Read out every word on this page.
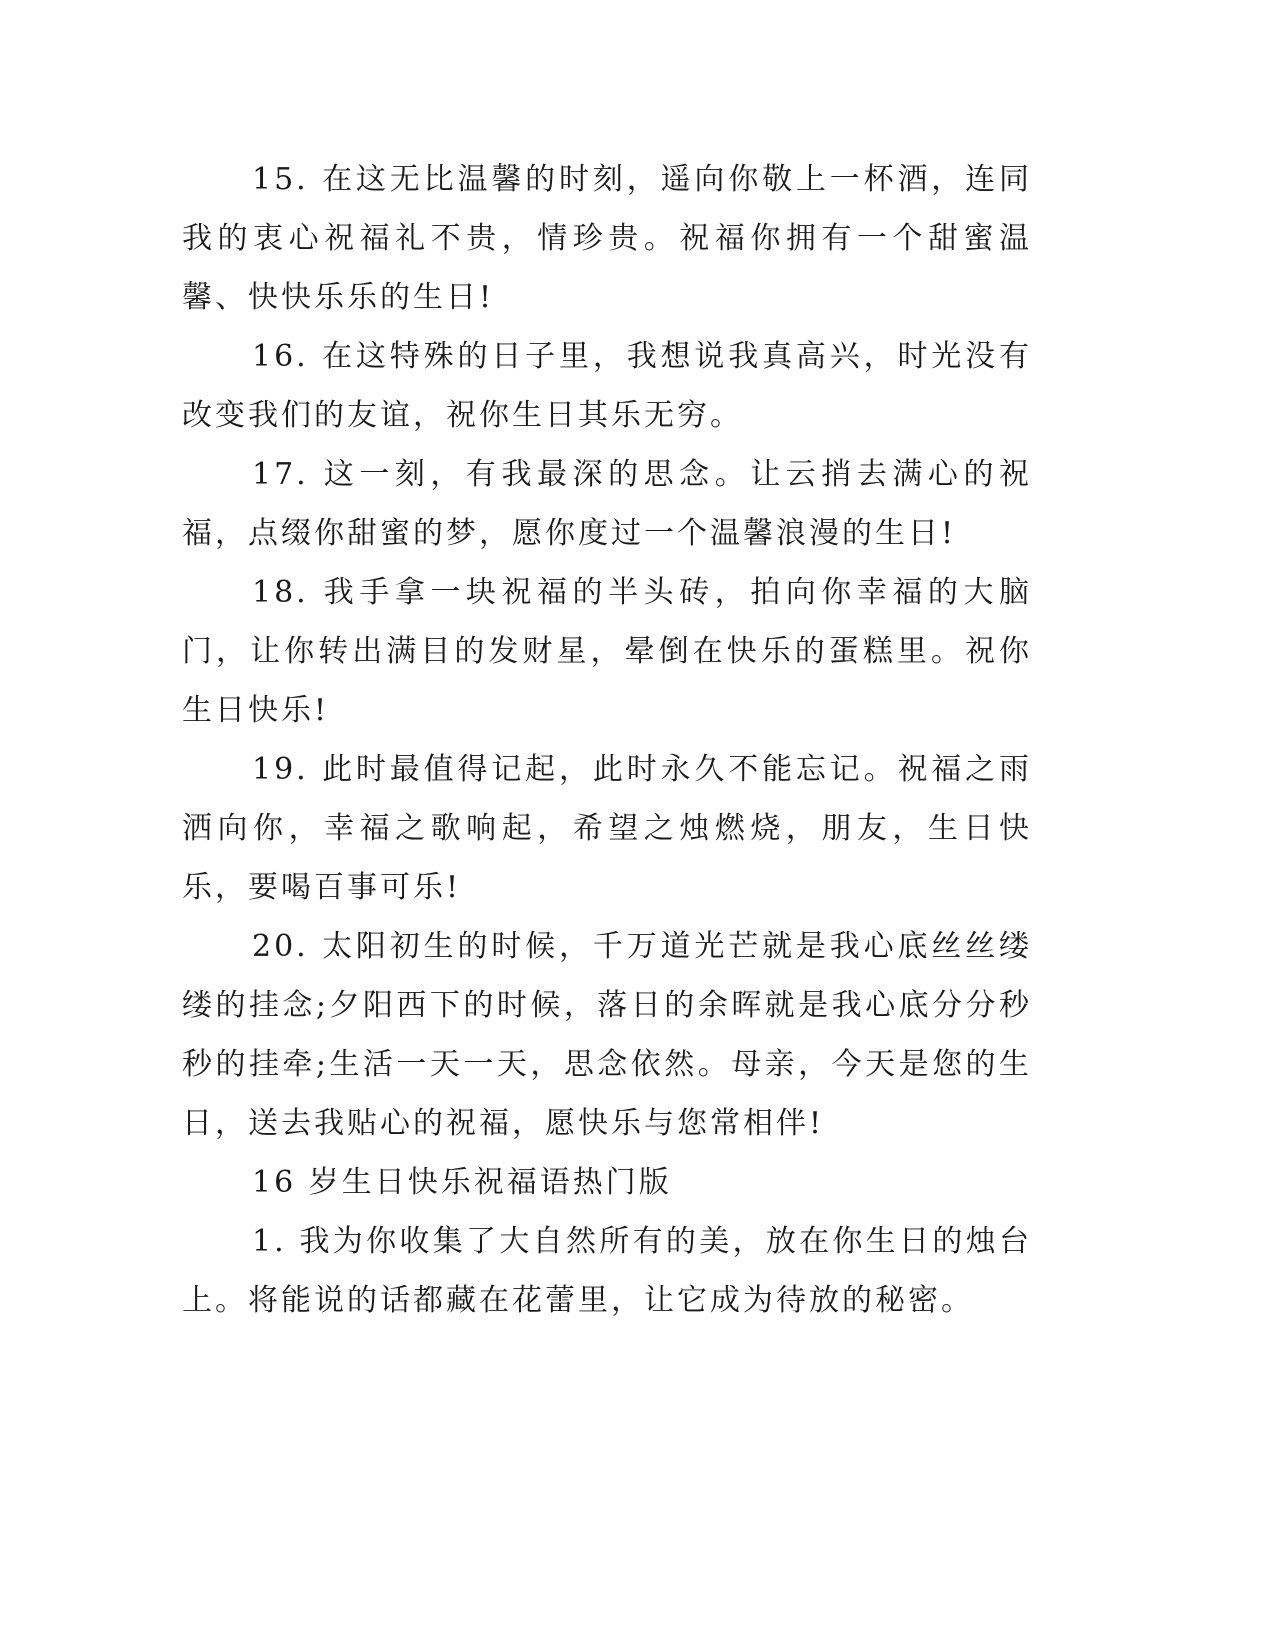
15. 在这无比温馨的时刻，遥向你敬上一杯酒，连同我的衷心祝福礼不贵，情珍贵。祝福你拥有一个甜蜜温馨、快快乐乐的生日!

16. 在这特殊的日子里，我想说我真高兴，时光没有改变我们的友谊，祝你生日其乐无穷。

17. 这一刻，有我最深的思念。让云捎去满心的祝福，点缀你甜蜜的梦，愿你度过一个温馨浪漫的生日!

18. 我手拿一块祝福的半头砖，拍向你幸福的大脑门，让你转出满目的发财星，晕倒在快乐的蛋糕里。祝你生日快乐!

19. 此时最值得记起，此时永久不能忘记。祝福之雨洒向你，幸福之歌响起，希望之烛燃烧，朋友，生日快乐，要喝百事可乐!

20. 太阳初生的时候，千万道光芒就是我心底丝丝缕缕的挂念;夕阳西下的时候，落日的余晖就是我心底分分秒秒的挂牵;生活一天一天，思念依然。母亲，今天是您的生日，送去我贴心的祝福，愿快乐与您常相伴!

16 岁生日快乐祝福语热门版

1. 我为你收集了大自然所有的美，放在你生日的烛台上。将能说的话都藏在花蕾里，让它成为待放的秘密。
